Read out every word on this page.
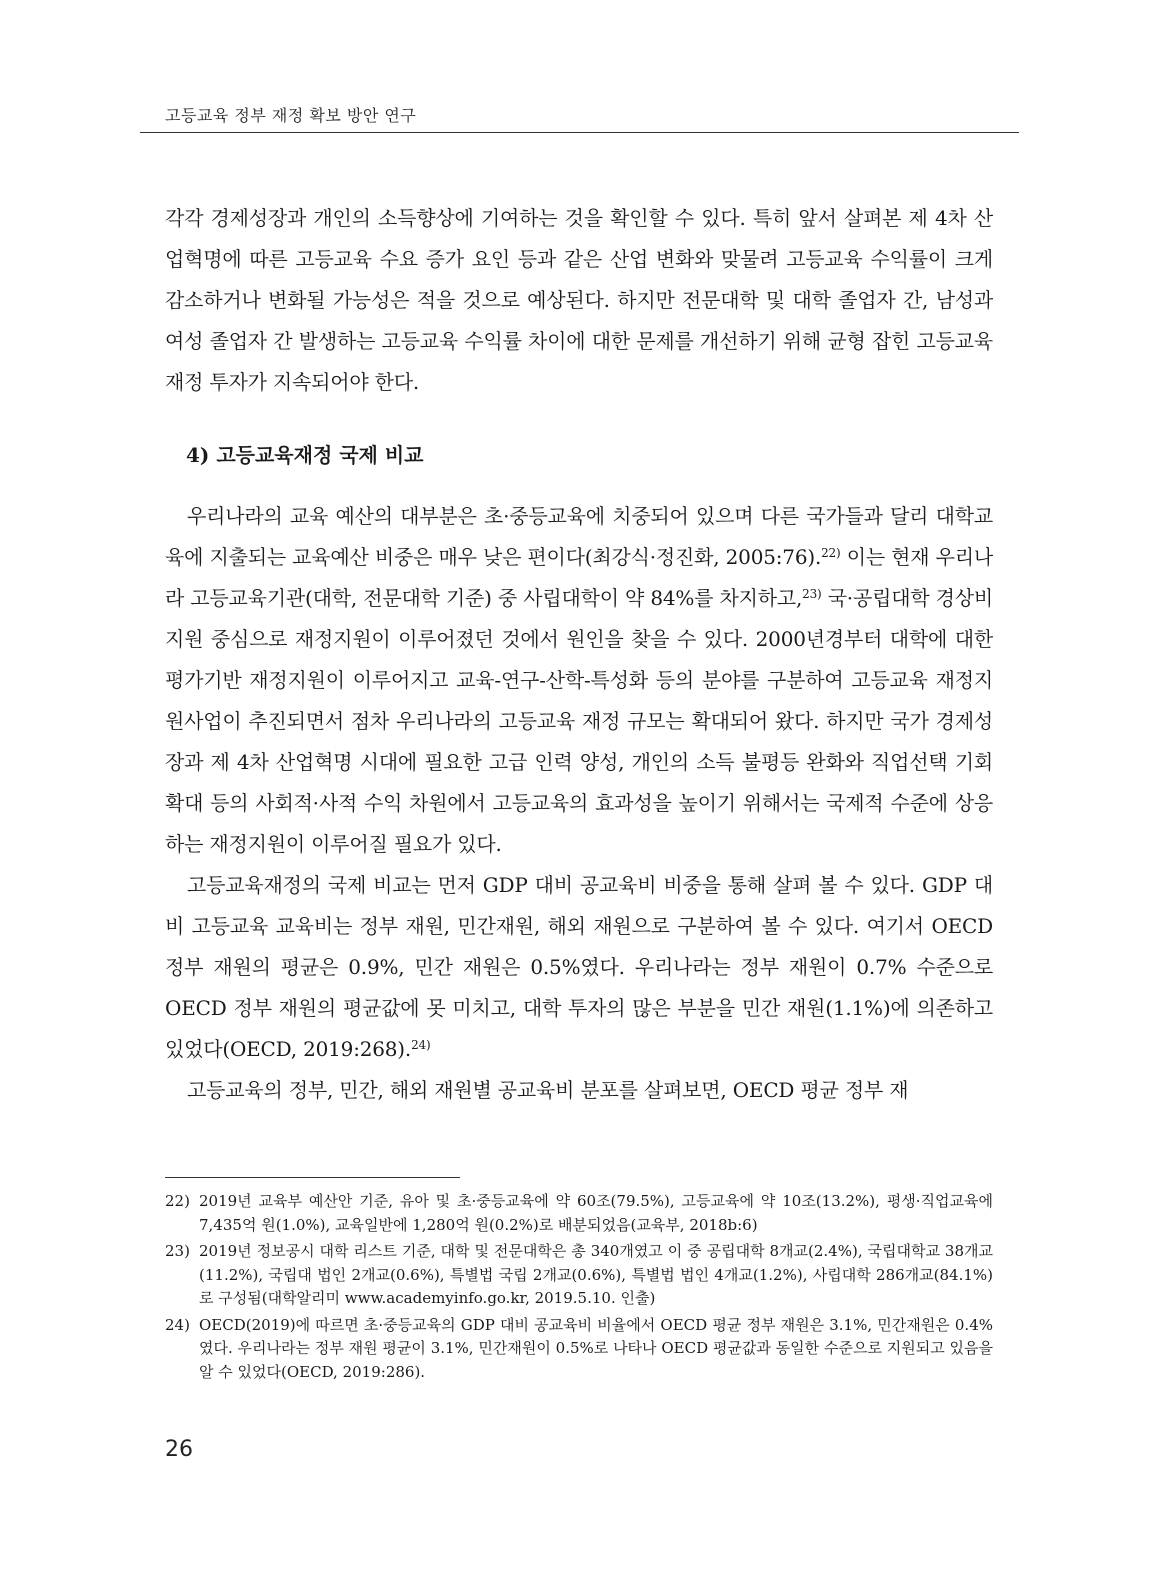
고등교육 정부 재정 확보 방안 연구

각각 경제성장과 개인의 소득향상에 기여하는 것을 확인할 수 있다. 특히 앞서 살펴본 제 4차 산업혁명에 따른 고등교육 수요 증가 요인 등과 같은 산업 변화와 맞물려 고등교육 수익률이 크게 감소하거나 변화될 가능성은 적을 것으로 예상된다. 하지만 전문대학 및 대학 졸업자 간, 남성과 여성 졸업자 간 발생하는 고등교육 수익률 차이에 대한 문제를 개선하기 위해 균형 잡힌 고등교육 재정 투자가 지속되어야 한다.

4) 고등교육재정 국제 비교

우리나라의 교육 예산의 대부분은 초·중등교육에 치중되어 있으며 다른 국가들과 달리 대학교육에 지출되는 교육예산 비중은 매우 낮은 편이다(최강식·정진화, 2005:76).$^{22)}$ 이는 현재 우리나라 고등교육기관(대학, 전문대학 기준) 중 사립대학이 약 84%를 차지하고,$^{23)}$ 국·공립대학 경상비 지원 중심으로 재정지원이 이루어졌던 것에서 원인을 찾을 수 있다. 2000년경부터 대학에 대한 평가기반 재정지원이 이루어지고 교육-연구-산학-특성화 등의 분야를 구분하여 고등교육 재정지원사업이 추진되면서 점차 우리나라의 고등교육 재정 규모는 확대되어 왔다. 하지만 국가 경제성장과 제 4차 산업혁명 시대에 필요한 고급 인력 양성, 개인의 소득 불평등 완화와 직업선택 기회 확대 등의 사회적·사적 수익 차원에서 고등교육의 효과성을 높이기 위해서는 국제적 수준에 상응하는 재정지원이 이루어질 필요가 있다.

고등교육재정의 국제 비교는 먼저 GDP 대비 공교육비 비중을 통해 살펴 볼 수 있다. GDP 대비 고등교육 교육비는 정부 재원, 민간재원, 해외 재원으로 구분하여 볼 수 있다. 여기서 OECD 정부 재원의 평균은 0.9%, 민간 재원은 0.5%였다. 우리나라는 정부 재원이 0.7% 수준으로 OECD 정부 재원의 평균값에 못 미치고, 대학 투자의 많은 부분을 민간 재원(1.1%)에 의존하고 있었다(OECD, 2019:268).$^{24)}$

고등교육의 정부, 민간, 해외 재원별 공교육비 분포를 살펴보면, OECD 평균 정부 재

22) 2019년 교육부 예산안 기준, 유아 및 초·중등교육에 약 60조(79.5%), 고등교육에 약 10조(13.2%), 평생·직업교육에 7,435억 원(1.0%), 교육일반에 1,280억 원(0.2%)로 배분되었음(교육부, 2018b:6)
23) 2019년 정보공시 대학 리스트 기준, 대학 및 전문대학은 총 340개였고 이 중 공립대학 8개교(2.4%), 국립대학교 38개교(11.2%), 국립대 법인 2개교(0.6%), 특별법 국립 2개교(0.6%), 특별법 법인 4개교(1.2%), 사립대학 286개교(84.1%)로 구성됨(대학알리미 www.academyinfo.go.kr, 2019.5.10. 인출)
24) OECD(2019)에 따르면 초·중등교육의 GDP 대비 공교육비 비율에서 OECD 평균 정부 재원은 3.1%, 민간재원은 0.4%였다. 우리나라는 정부 재원 평균이 3.1%, 민간재원이 0.5%로 나타나 OECD 평균값과 동일한 수준으로 지원되고 있음을 알 수 있었다(OECD, 2019:286).
26
